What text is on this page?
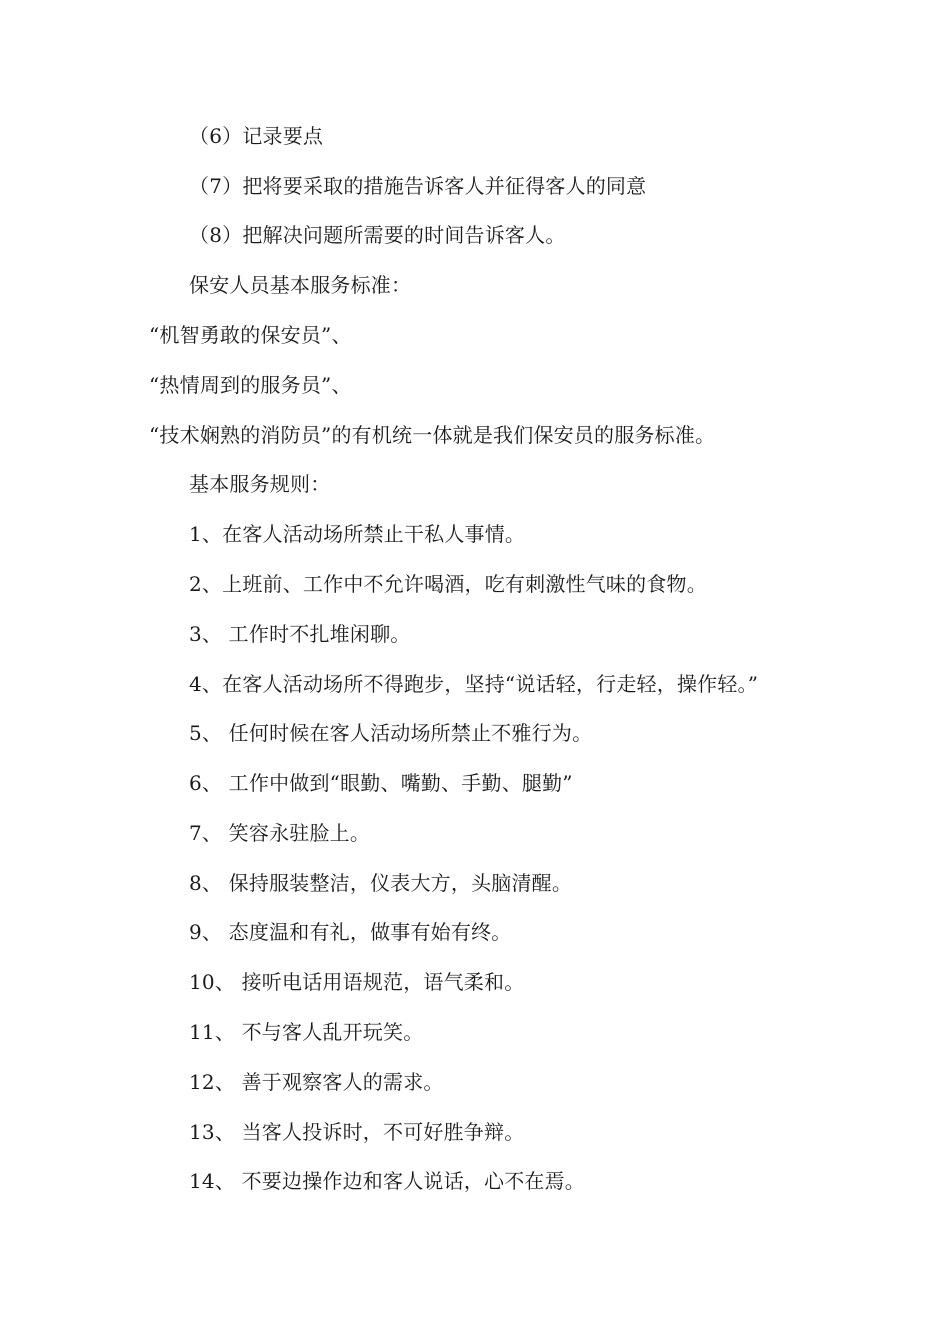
（6）记录要点
（7）把将要采取的措施告诉客人并征得客人的同意
（8）把解决问题所需要的时间告诉客人。
保安人员基本服务标准：
“机智勇敢的保安员”、
“热情周到的服务员”、
“技术娴熟的消防员”的有机统一体就是我们保安员的服务标准。
基本服务规则：
1、在客人活动场所禁止干私人事情。
2、上班前、工作中不允许喝酒，吃有刺激性气味的食物。
3、 工作时不扎堆闲聊。
4、在客人活动场所不得跑步，坚持“说话轻，行走轻，操作轻。”
5、 任何时候在客人活动场所禁止不雅行为。
6、 工作中做到“眼勤、嘴勤、手勤、腿勤”
7、 笑容永驻脸上。
8、 保持服装整洁，仪表大方，头脑清醒。
9、 态度温和有礼，做事有始有终。
10、 接听电话用语规范，语气柔和。
11、 不与客人乱开玩笑。
12、 善于观察客人的需求。
13、 当客人投诉时，不可好胜争辩。
14、 不要边操作边和客人说话，心不在焉。
